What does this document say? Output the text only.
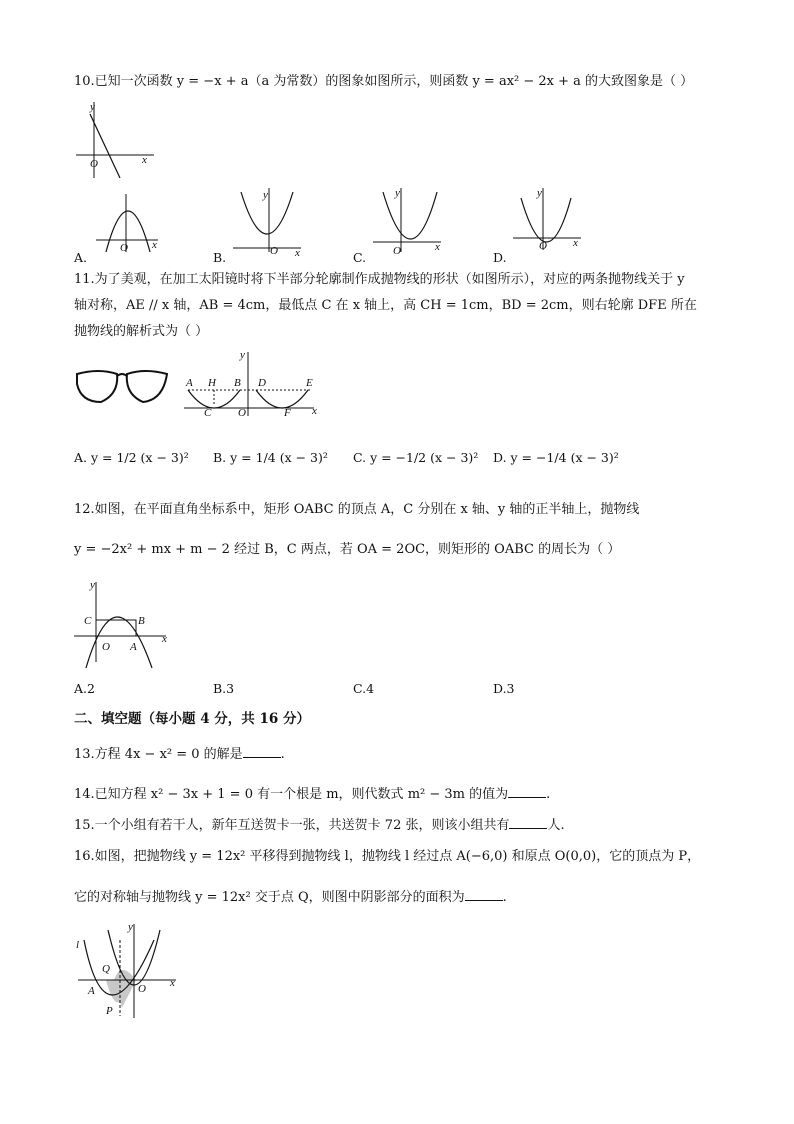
10.已知一次函数 y = −x + a（a 为常数）的图象如图所示，则函数 y = ax² − 2x + a 的大致图象是（ ）
y
O	x
O x
A.
y
O x
B.
y
O	x
C.
y
O x
D.
11.为了美观，在加工太阳镜时将下半部分轮廓制作成抛物线的形状（如图所示），对应的两条抛物线关于 y
轴对称，AE // x 轴，AB = 4cm，最低点 C 在 x 轴上，高 CH = 1cm，BD = 2cm，则右轮廓 DFE 所在
抛物线的解析式为（ ）
y
A H B D	E
C O	F x
A. y = 1/2 (x − 3)² B. y = 1/4 (x − 3)² C. y = −1/2 (x − 3)² D. y = −1/4 (x − 3)²
12.如图，在平面直角坐标系中，矩形 OABC 的顶点 A，C 分别在 x 轴、y 轴的正半轴上，抛物线
y = −2x² + mx + m − 2 经过 B，C 两点，若 OA = 2OC，则矩形的 OABC 的周长为（ ）
y
C	B
O A
x
A.2	B.3	C.4	D.3
二、填空题（每小题 4 分，共 16 分）
13.方程 4x − x² = 0 的解是	.
14.已知方程 x² − 3x + 1 = 0 有一个根是 m，则代数式 m² − 3m 的值为	.
15.一个小组有若干人，新年互送贺卡一张，共送贺卡 72 张，则该小组共有	人.
16.如图，把抛物线 y = 12x² 平移得到抛物线 l，抛物线 l 经过点 A(−6,0) 和原点 O(0,0)，它的顶点为 P，
它的对称轴与抛物线 y = 12x² 交于点 Q，则图中阴影部分的面积为	.
l
y
Q
A	O x
P
